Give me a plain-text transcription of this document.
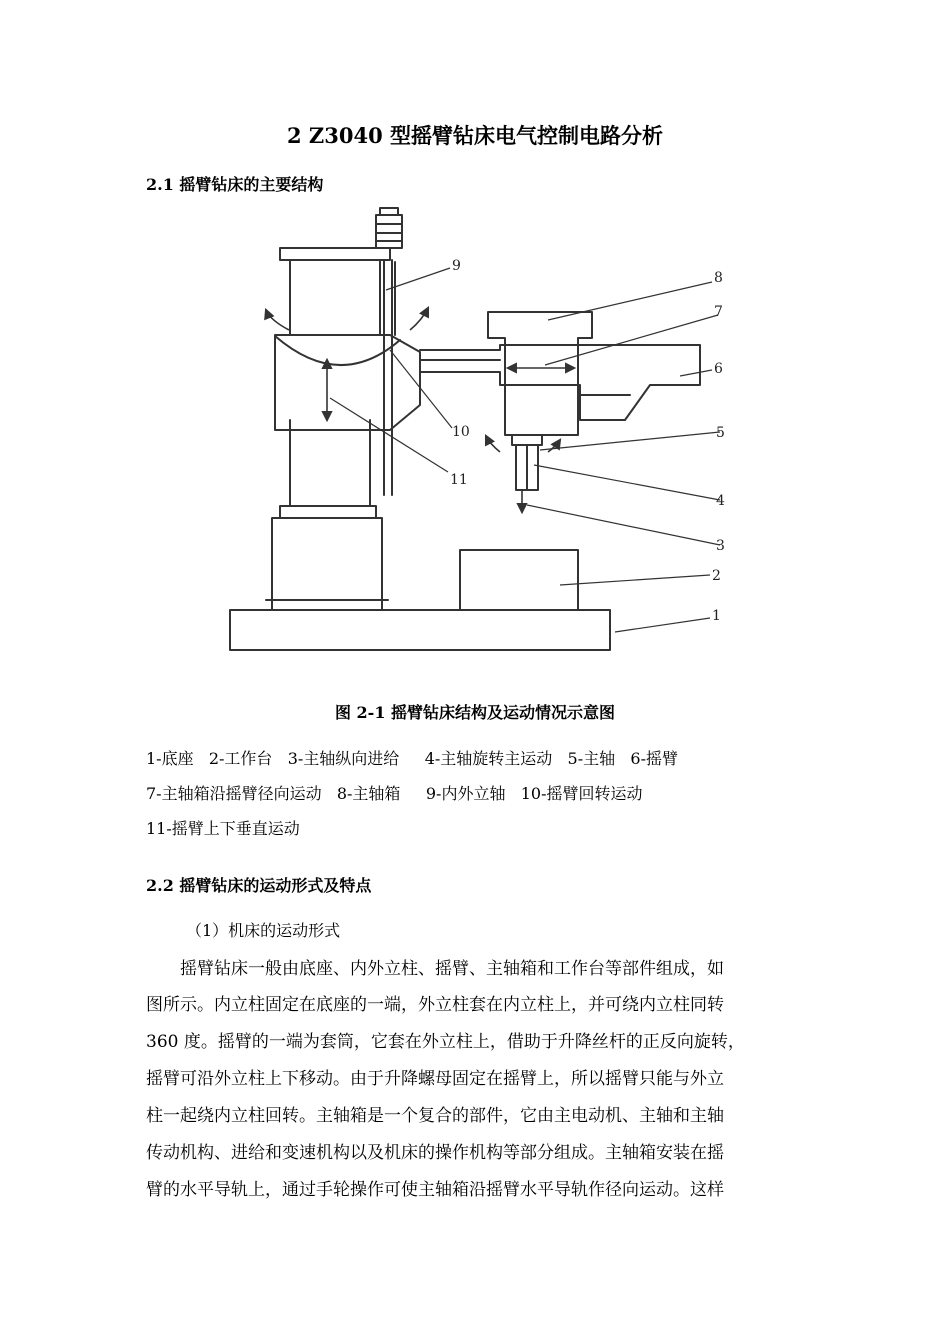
2 Z3040 型摇臂钻床电气控制电路分析
2.1 摇臂钻床的主要结构
1
2
3
4
5
6
7
8
9
10
11
图 2-1 摇臂钻床结构及运动情况示意图
1-底座   2-工作台   3-主轴纵向进给     4-主轴旋转主运动   5-主轴   6-摇臂
7-主轴箱沿摇臂径向运动   8-主轴箱     9-内外立轴   10-摇臂回转运动
11-摇臂上下垂直运动
2.2 摇臂钻床的运动形式及特点
（1）机床的运动形式
　　摇臂钻床一般由底座、内外立柱、摇臂、主轴箱和工作台等部件组成，如
图所示。内立柱固定在底座的一端，外立柱套在内立柱上，并可绕内立柱同转
360 度。摇臂的一端为套筒，它套在外立柱上，借助于升降丝杆的正反向旋转，
摇臂可沿外立柱上下移动。由于升降螺母固定在摇臂上，所以摇臂只能与外立
柱一起绕内立柱回转。主轴箱是一个复合的部件，它由主电动机、主轴和主轴
传动机构、进给和变速机构以及机床的操作机构等部分组成。主轴箱安装在摇
臂的水平导轨上，通过手轮操作可使主轴箱沿摇臂水平导轨作径向运动。这样
